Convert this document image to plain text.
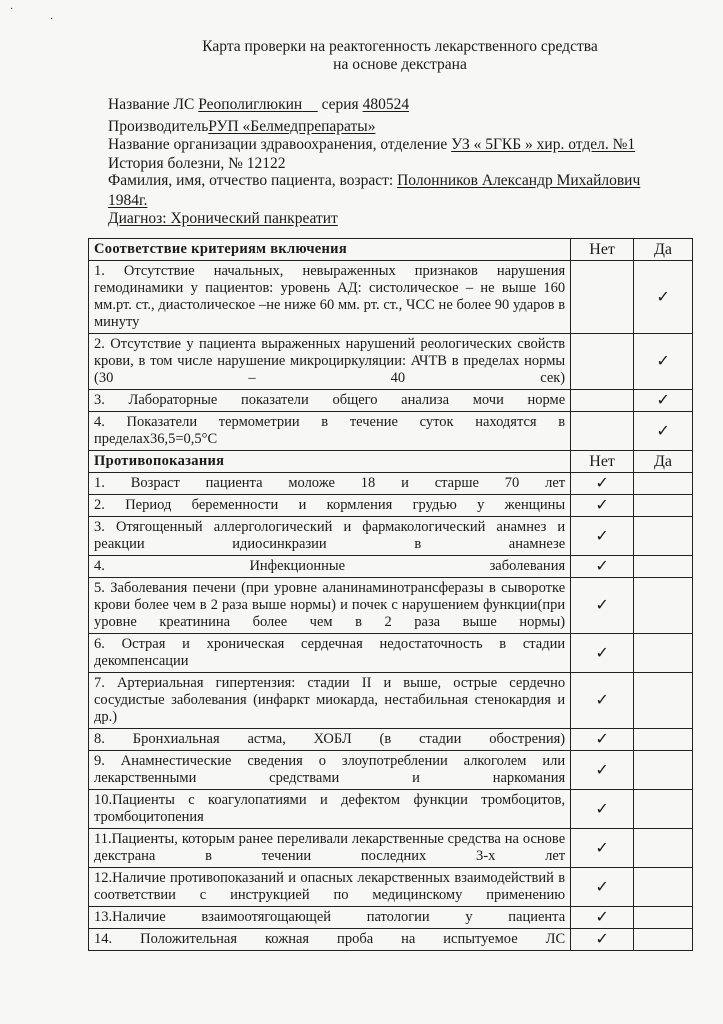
·
·
Карта проверки на реактогенность лекарственного средства
на основе декстрана
Название ЛС Реополиглюкин серия 480524
ПроизводительРУП «Белмедпрепараты»
Название организации здравоохранения, отделение УЗ « 5ГКБ » хир. отдел. №1
История болезни, № 12122
Фамилия, имя, отчество пациента, возраст: Полонников Александр Михайлович
1984г.
Диагноз: Хронический панкреатит
Соответствие критериям включения	Нет	Да
1. Отсутствие начальных, невыраженных признаков нарушения гемодинамики у пациентов: уровень АД: систолическое – не выше 160 мм.рт. ст., диастолическое –не ниже 60 мм. рт. ст., ЧСС не более 90 ударов в минуту		✓
2. Отсутствие у пациента выраженных нарушений реологических свойств крови, в том числе нарушение микроциркуляции: АЧТВ в пределах нормы (30 – 40 сек)		✓
3. Лабораторные показатели общего анализа мочи норме		✓
4. Показатели термометрии в течение суток находятся в пределах36,5=0,5°С		✓
Противопоказания	Нет	Да
1. Возраст пациента моложе 18 и старше 70 лет	✓	
2. Период беременности и кормления грудью у женщины	✓	
3. Отягощенный аллергологический и фармакологический анамнез и реакции идиосинкразии в анамнезе	✓	
4. Инфекционные заболевания	✓	
5. Заболевания печени (при уровне аланинаминотрансферазы в сыворотке крови более чем в 2 раза выше нормы) и почек с нарушением функции(при уровне креатинина более чем в 2 раза выше нормы)	✓	
6. Острая и хроническая сердечная недостаточность в стадии декомпенсации	✓	
7. Артериальная гипертензия: стадии II и выше, острые сердечно сосудистые заболевания (инфаркт миокарда, нестабильная стенокардия и др.)	✓	
8. Бронхиальная астма, ХОБЛ (в стадии обострения)	✓	
9. Анамнестические сведения о злоупотреблении алкоголем или лекарственными средствами и наркомания	✓	
10.Пациенты с коагулопатиями и дефектом функции тромбоцитов, тромбоцитопения	✓	
11.Пациенты, которым ранее переливали лекарственные средства на основе декстрана в течении последних 3-х лет	✓	
12.Наличие противопоказаний и опасных лекарственных взаимодействий в соответствии с инструкцией по медицинскому применению	✓	
13.Наличие взаимоотягощающей патологии у пациента	✓	
14. Положительная кожная проба на испытуемое ЛС	✓	
